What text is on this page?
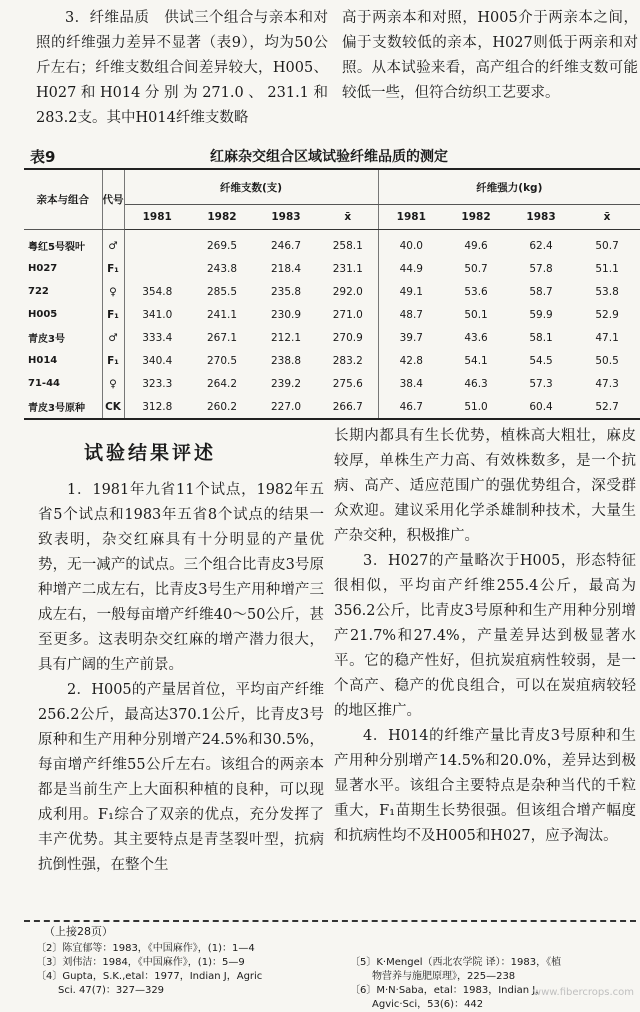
3．纤维品质　供试三个组合与亲本和对照的纤维强力差异不显著（表9），均为50公斤左右；纤维支数组合间差异较大，H005、H027和H014分别为271.0、231.1和283.2支。其中H014纤维支数略

高于两亲本和对照，H005介于两亲本之间，偏于支数较低的亲本，H027则低于两亲和对照。从本试验来看，高产组合的纤维支数可能较低一些，但符合纺织工艺要求。

表9	红麻杂交组合区域试验纤维品质的测定
亲本与组合	代号	纤维支数(支)				纤维强力(kg)			
		1981	1982	1983	x̄	1981	1982	1983	x̄
粤红5号裂叶	♂		269.5	246.7	258.1	40.0	49.6	62.4	50.7
H027	F₁		243.8	218.4	231.1	44.9	50.7	57.8	51.1
722	♀	354.8	285.5	235.8	292.0	49.1	53.6	58.7	53.8
H005	F₁	341.0	241.1	230.9	271.0	48.7	50.1	59.9	52.9
青皮3号	♂	333.4	267.1	212.1	270.9	39.7	43.6	58.1	47.1
H014	F₁	340.4	270.5	238.8	283.2	42.8	54.1	54.5	50.5
71-44	♀	323.3	264.2	239.2	275.6	38.4	46.3	57.3	47.3
青皮3号原种	CK	312.8	260.2	227.0	266.7	46.7	51.0	60.4	52.7
试验结果评述

1．1981年九省11个试点，1982年五省5个试点和1983年五省8个试点的结果一致表明，杂交红麻具有十分明显的产量优势，无一减产的试点。三个组合比青皮3号原种增产二成左右，比青皮3号生产用种增产三成左右，一般每亩增产纤维40～50公斤，甚至更多。这表明杂交红麻的增产潜力很大，具有广阔的生产前景。

2．H005的产量居首位，平均亩产纤维256.2公斤，最高达370.1公斤，比青皮3号原种和生产用种分别增产24.5%和30.5%，每亩增产纤维55公斤左右。该组合的两亲本都是当前生产上大面积种植的良种，可以现成利用。F₁综合了双亲的优点，充分发挥了丰产优势。其主要特点是青茎裂叶型，抗病抗倒性强，在整个生

长期内都具有生长优势，植株高大粗壮，麻皮较厚，单株生产力高、有效株数多，是一个抗病、高产、适应范围广的强优势组合，深受群众欢迎。建议采用化学杀雄制种技术，大量生产杂交种，积极推广。

3．H027的产量略次于H005，形态特征很相似，平均亩产纤维255.4公斤，最高为356.2公斤，比青皮3号原种和生产用种分别增产21.7%和27.4%，产量差异达到极显著水平。它的稳产性好，但抗炭疽病性较弱，是一个高产、稳产的优良组合，可以在炭疽病较轻的地区推广。

4．H014的纤维产量比青皮3号原种和生产用种分别增产14.5%和20.0%，差异达到极显著水平。该组合主要特点是杂种当代的千粒重大，F₁苗期生长势很强。但该组合增产幅度和抗病性均不及H005和H027，应予淘汰。

（上接28页）
〔2〕陈宜郁等：1983，《中国麻作》，(1)：1—4
〔3〕刘伟洁：1984，《中国麻作》，(1)：5—9
〔4〕Gupta，S.K.,etal：1977，Indian J，Agric
Sci. 47(7)：327—329
〔5〕K·Mengel（西北农学院 译）：1983，《植
物营养与施肥原理》，225—238
〔6〕M·N·Saba，etal：1983，Indian J，
Agvic·Sci，53(6)：442
www.fibercrops.com
